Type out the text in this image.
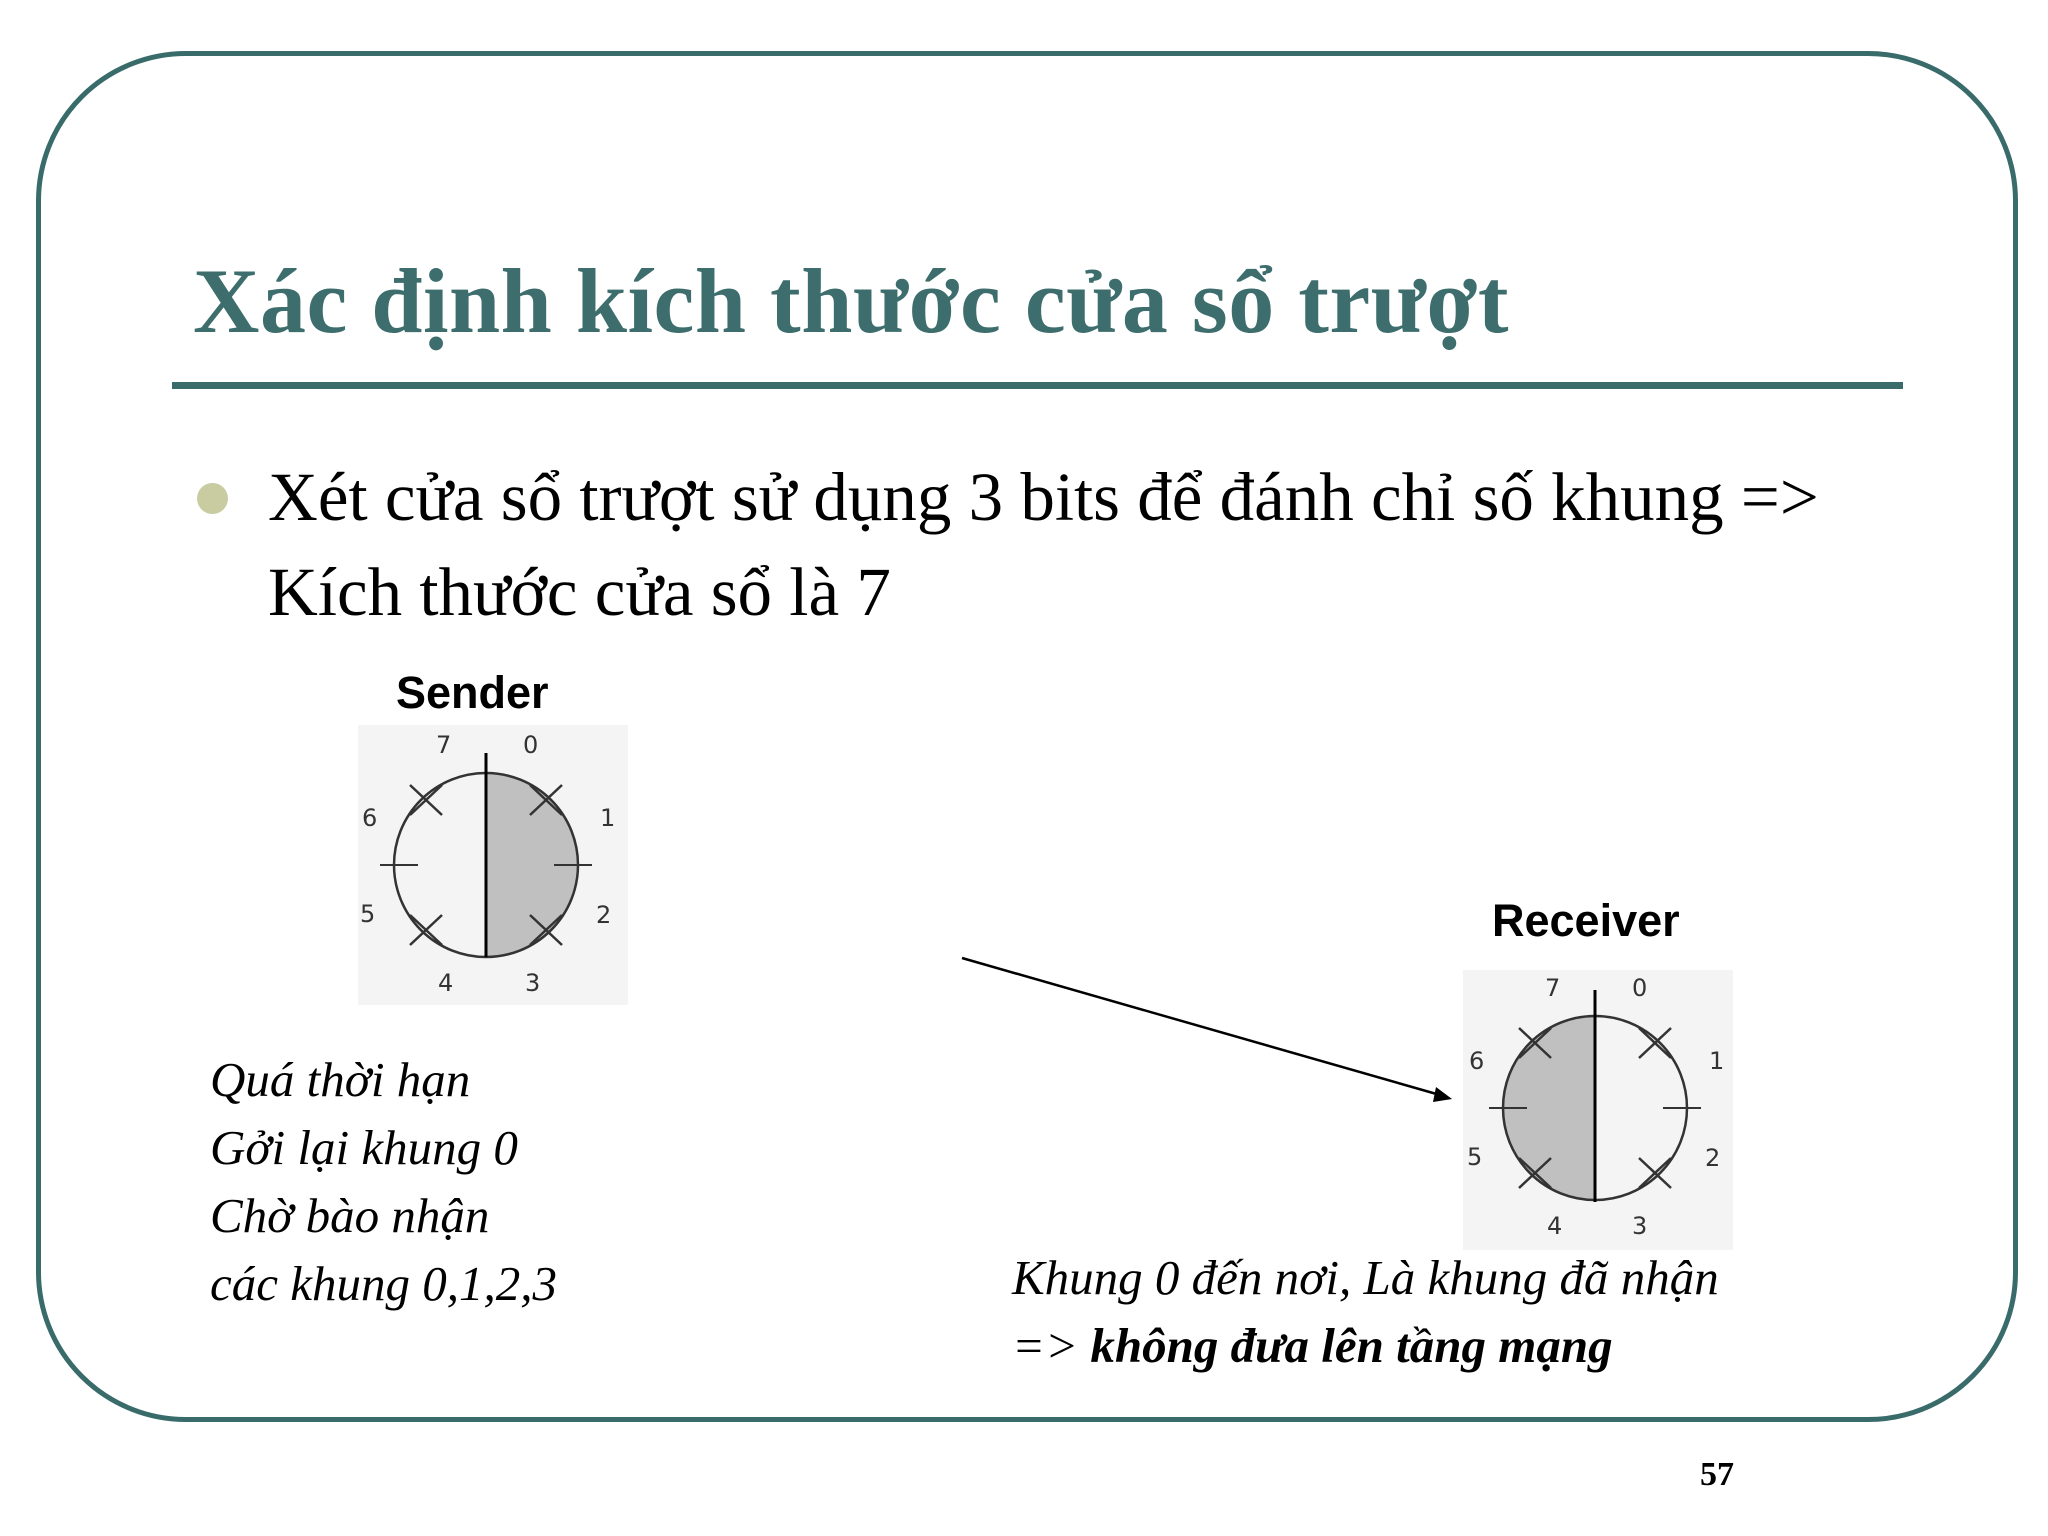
Xác định kích thước cửa sổ trượt
Xét cửa sổ trượt sử dụng 3 bits để đánh chỉ số khung => Kích thước cửa sổ là 7
Sender
0
1
2
3
4
5
6
7
Quá thời hạn
Gởi lại khung 0
Chờ bào nhận
các khung 0,1,2,3
Receiver
0
1
2
3
4
5
6
7
Khung 0 đến nơi, Là khung đã nhận
=> không đưa lên tầng mạng
57
